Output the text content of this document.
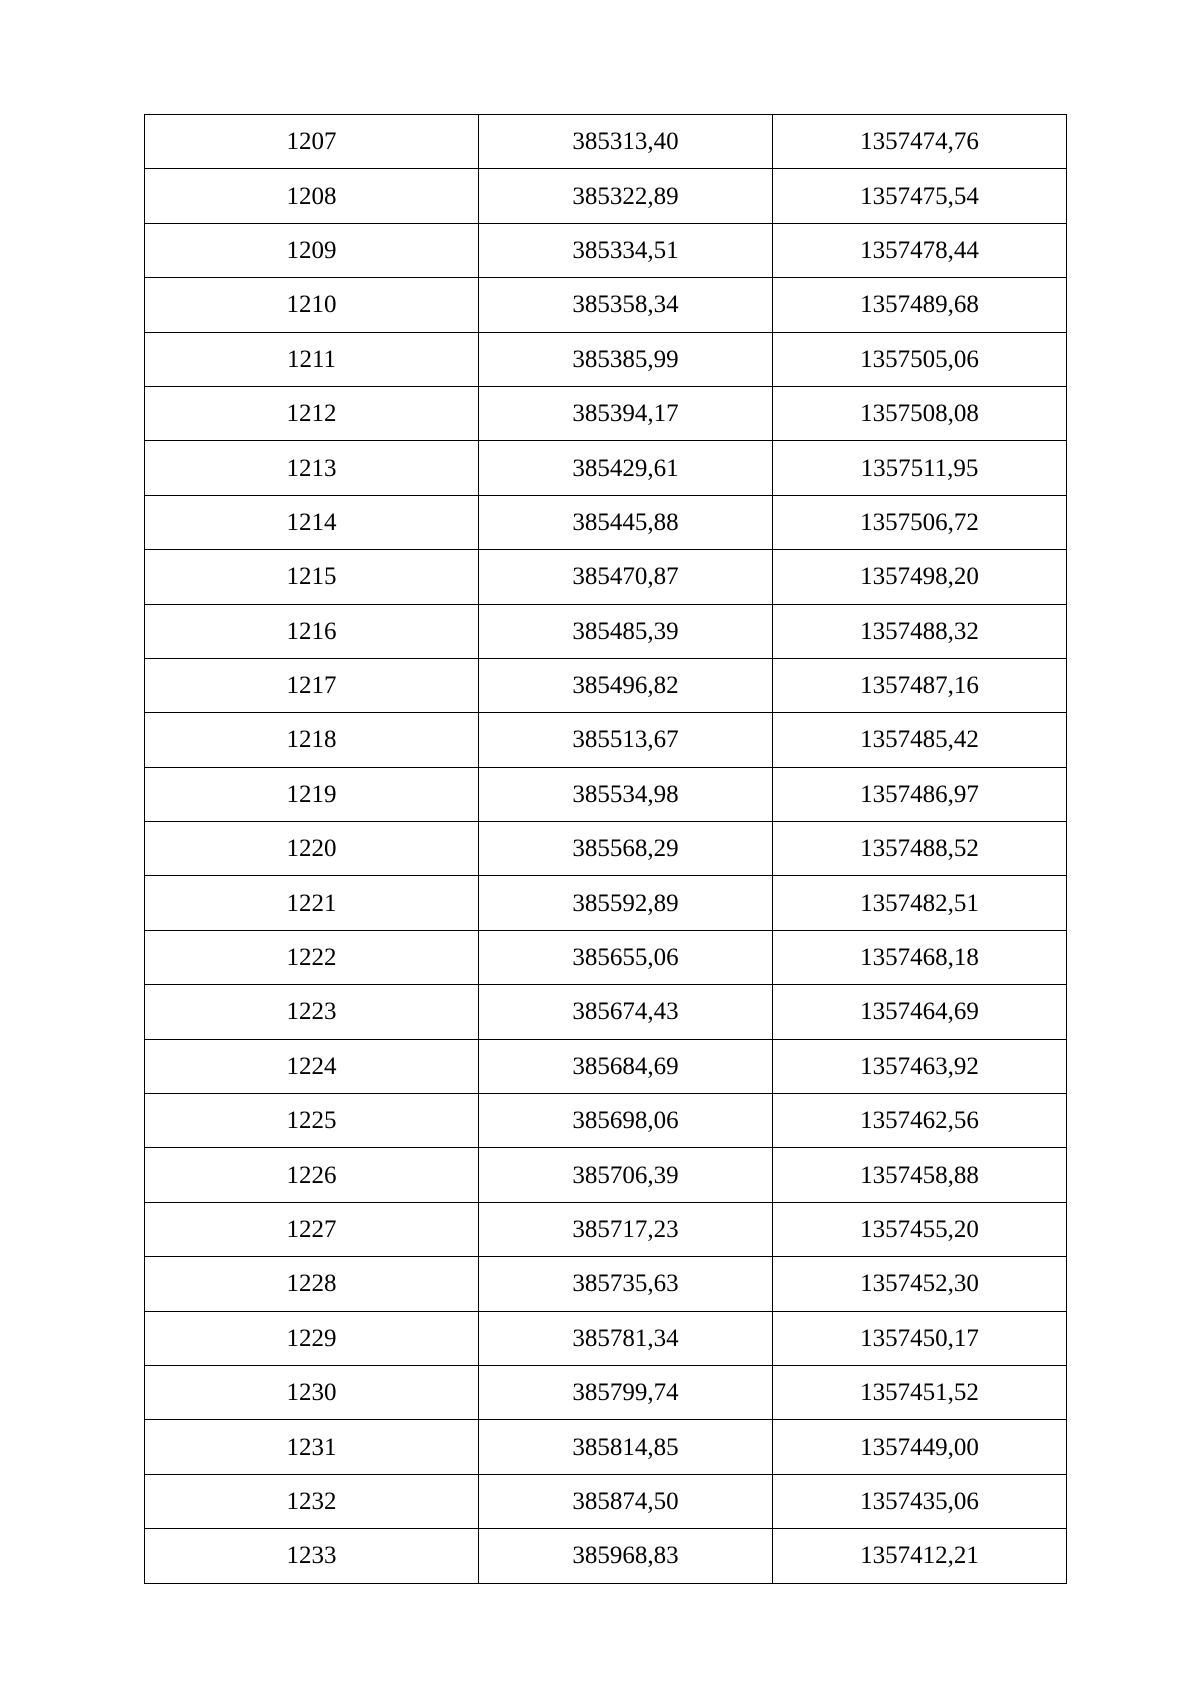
1207	385313,40	1357474,76
1208	385322,89	1357475,54
1209	385334,51	1357478,44
1210	385358,34	1357489,68
1211	385385,99	1357505,06
1212	385394,17	1357508,08
1213	385429,61	1357511,95
1214	385445,88	1357506,72
1215	385470,87	1357498,20
1216	385485,39	1357488,32
1217	385496,82	1357487,16
1218	385513,67	1357485,42
1219	385534,98	1357486,97
1220	385568,29	1357488,52
1221	385592,89	1357482,51
1222	385655,06	1357468,18
1223	385674,43	1357464,69
1224	385684,69	1357463,92
1225	385698,06	1357462,56
1226	385706,39	1357458,88
1227	385717,23	1357455,20
1228	385735,63	1357452,30
1229	385781,34	1357450,17
1230	385799,74	1357451,52
1231	385814,85	1357449,00
1232	385874,50	1357435,06
1233	385968,83	1357412,21
